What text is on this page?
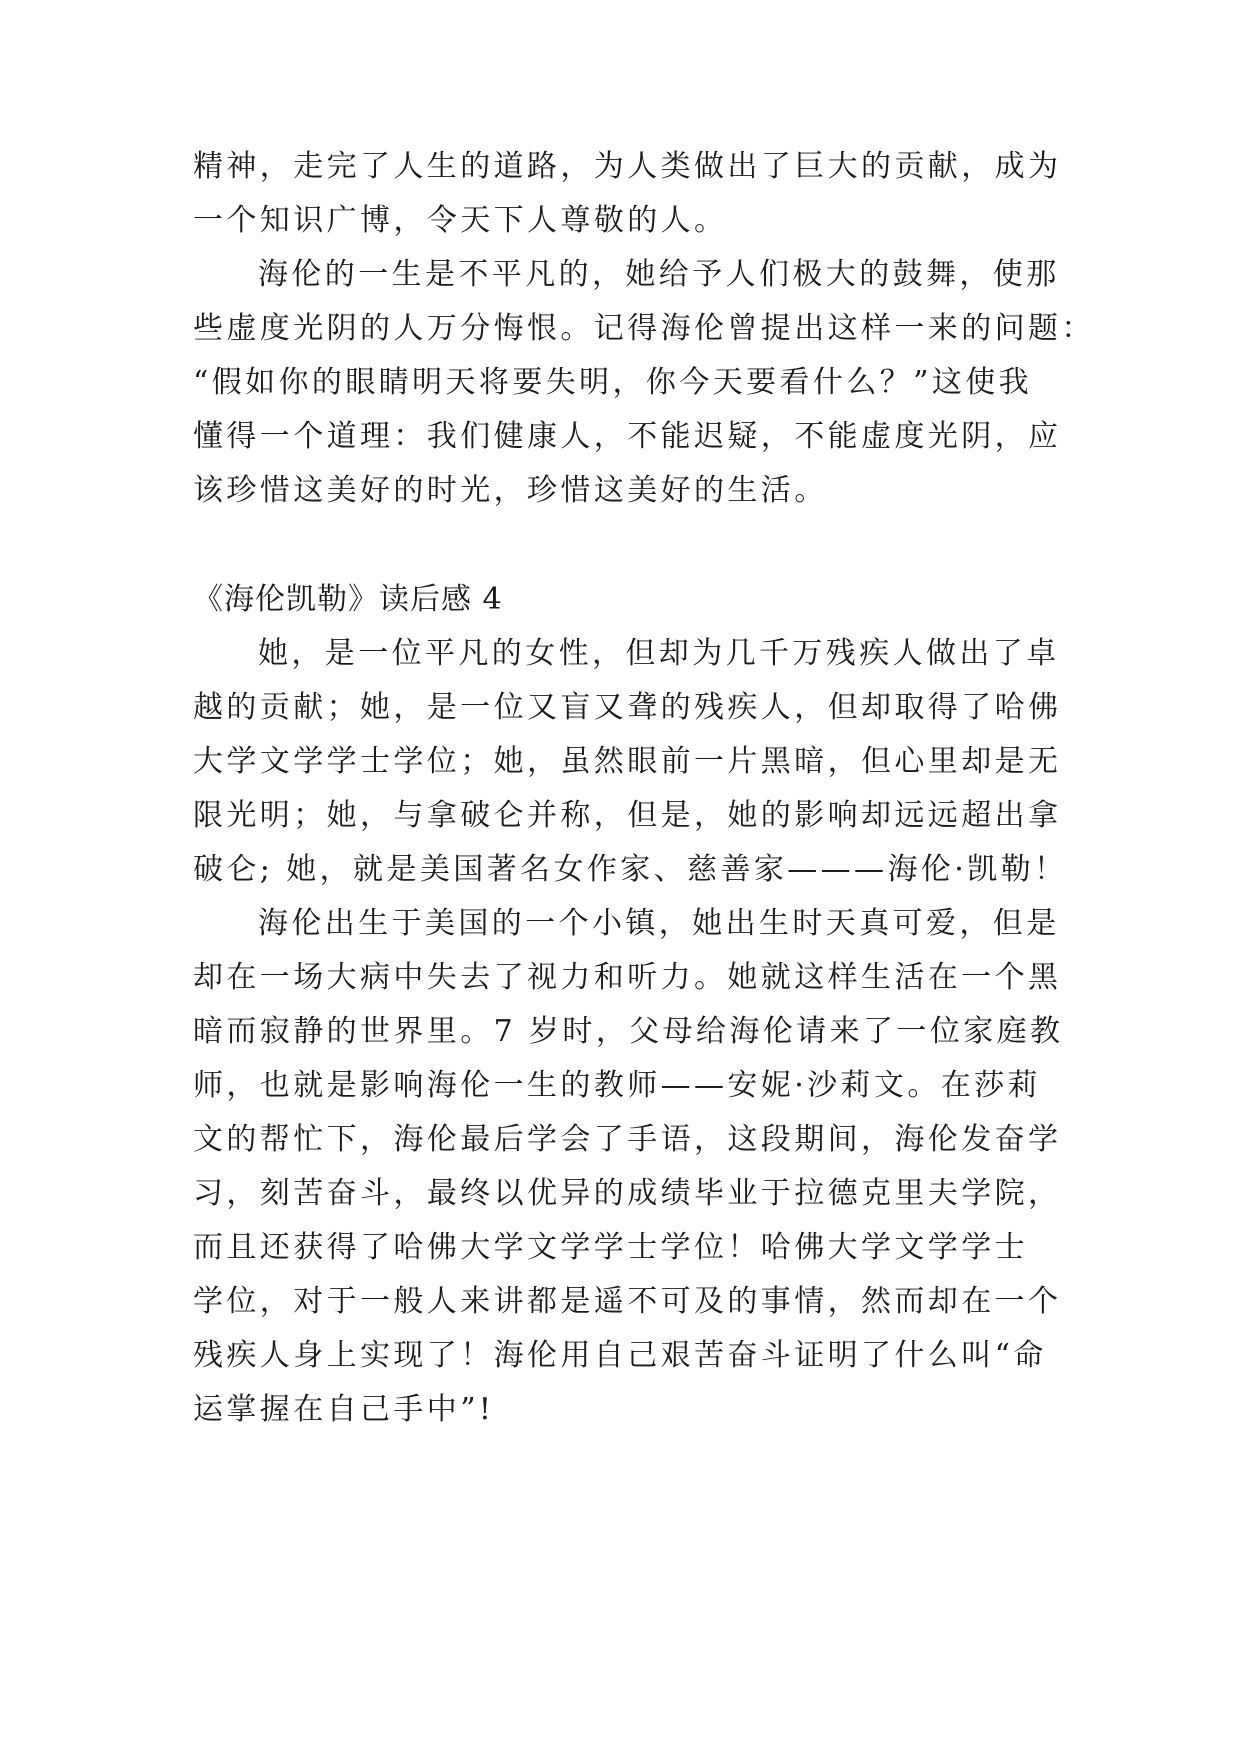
精神，走完了人生的道路，为人类做出了巨大的贡献，成为
一个知识广博，令天下人尊敬的人。
海伦的一生是不平凡的，她给予人们极大的鼓舞，使那
些虚度光阴的人万分悔恨。记得海伦曾提出这样一来的问题：
“假如你的眼睛明天将要失明，你今天要看什么？”这使我
懂得一个道理：我们健康人，不能迟疑，不能虚度光阴，应
该珍惜这美好的时光，珍惜这美好的生活。
《海伦凯勒》读后感 4
她，是一位平凡的女性，但却为几千万残疾人做出了卓
越的贡献；她，是一位又盲又聋的残疾人，但却取得了哈佛
大学文学学士学位；她，虽然眼前一片黑暗，但心里却是无
限光明；她，与拿破仑并称，但是，她的影响却远远超出拿
破仑; 她，就是美国著名女作家、慈善家———海伦·凯勒！
海伦出生于美国的一个小镇，她出生时天真可爱，但是
却在一场大病中失去了视力和听力。她就这样生活在一个黑
暗而寂静的世界里。7 岁时，父母给海伦请来了一位家庭教
师，也就是影响海伦一生的教师——安妮·沙莉文。在莎莉
文的帮忙下，海伦最后学会了手语，这段期间，海伦发奋学
习，刻苦奋斗，最终以优异的成绩毕业于拉德克里夫学院，
而且还获得了哈佛大学文学学士学位！哈佛大学文学学士
学位，对于一般人来讲都是遥不可及的事情，然而却在一个
残疾人身上实现了！海伦用自己艰苦奋斗证明了什么叫“命
运掌握在自己手中”!
